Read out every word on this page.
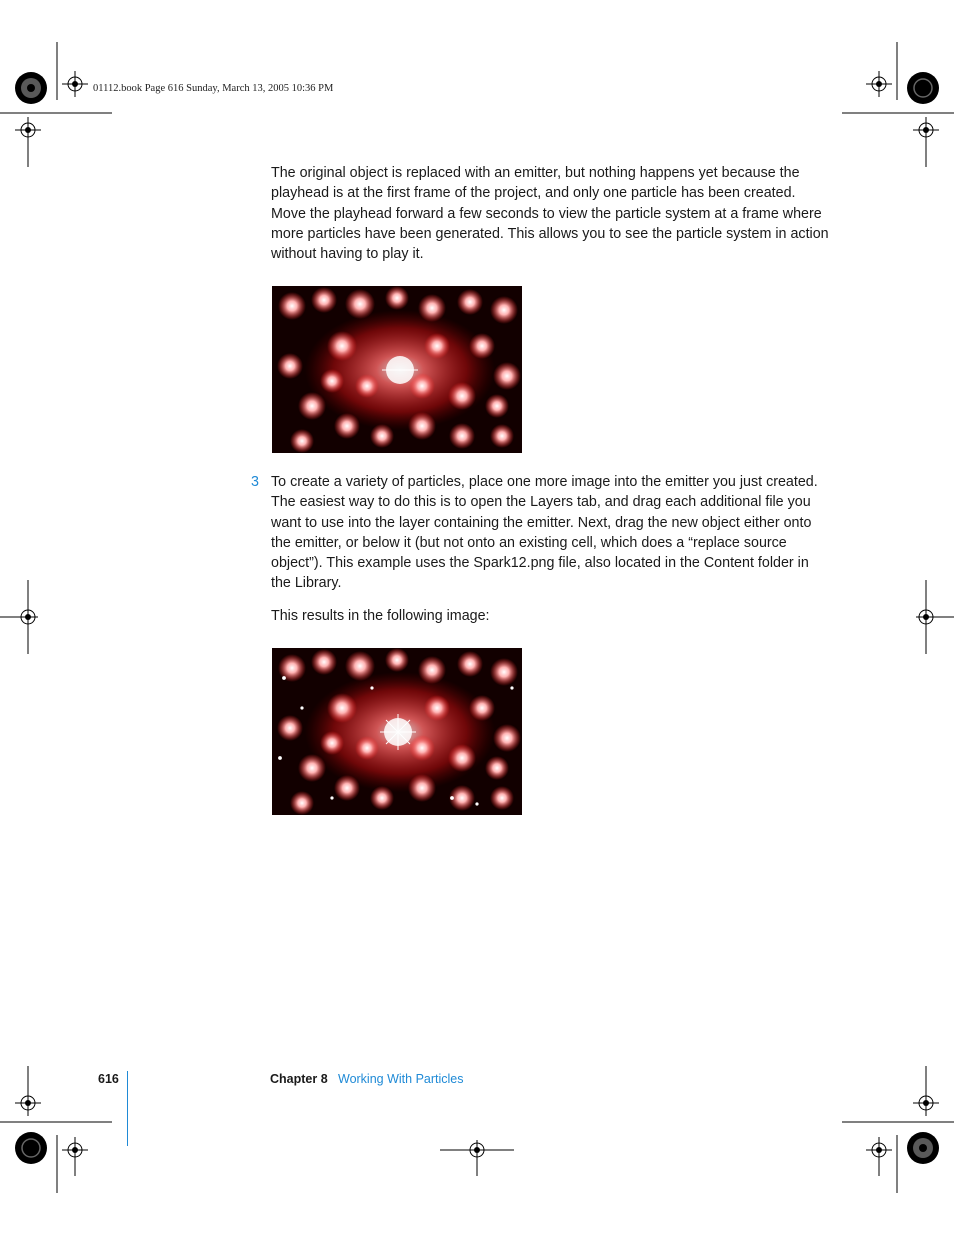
01112.book Page 616 Sunday, March 13, 2005 10:36 PM

The original object is replaced with an emitter, but nothing happens yet because the playhead is at the first frame of the project, and only one particle has been created. Move the playhead forward a few seconds to view the particle system at a frame where more particles have been generated. This allows you to see the particle system in action without having to play it.

3 To create a variety of particles, place one more image into the emitter you just created. The easiest way to do this is to open the Layers tab, and drag each additional file you want to use into the layer containing the emitter. Next, drag the new object either onto the emitter, or below it (but not onto an existing cell, which does a “replace source object”). This example uses the Spark12.png file, also located in the Content folder in the Library.

This results in the following image:

616	Chapter 8 Working With Particles
